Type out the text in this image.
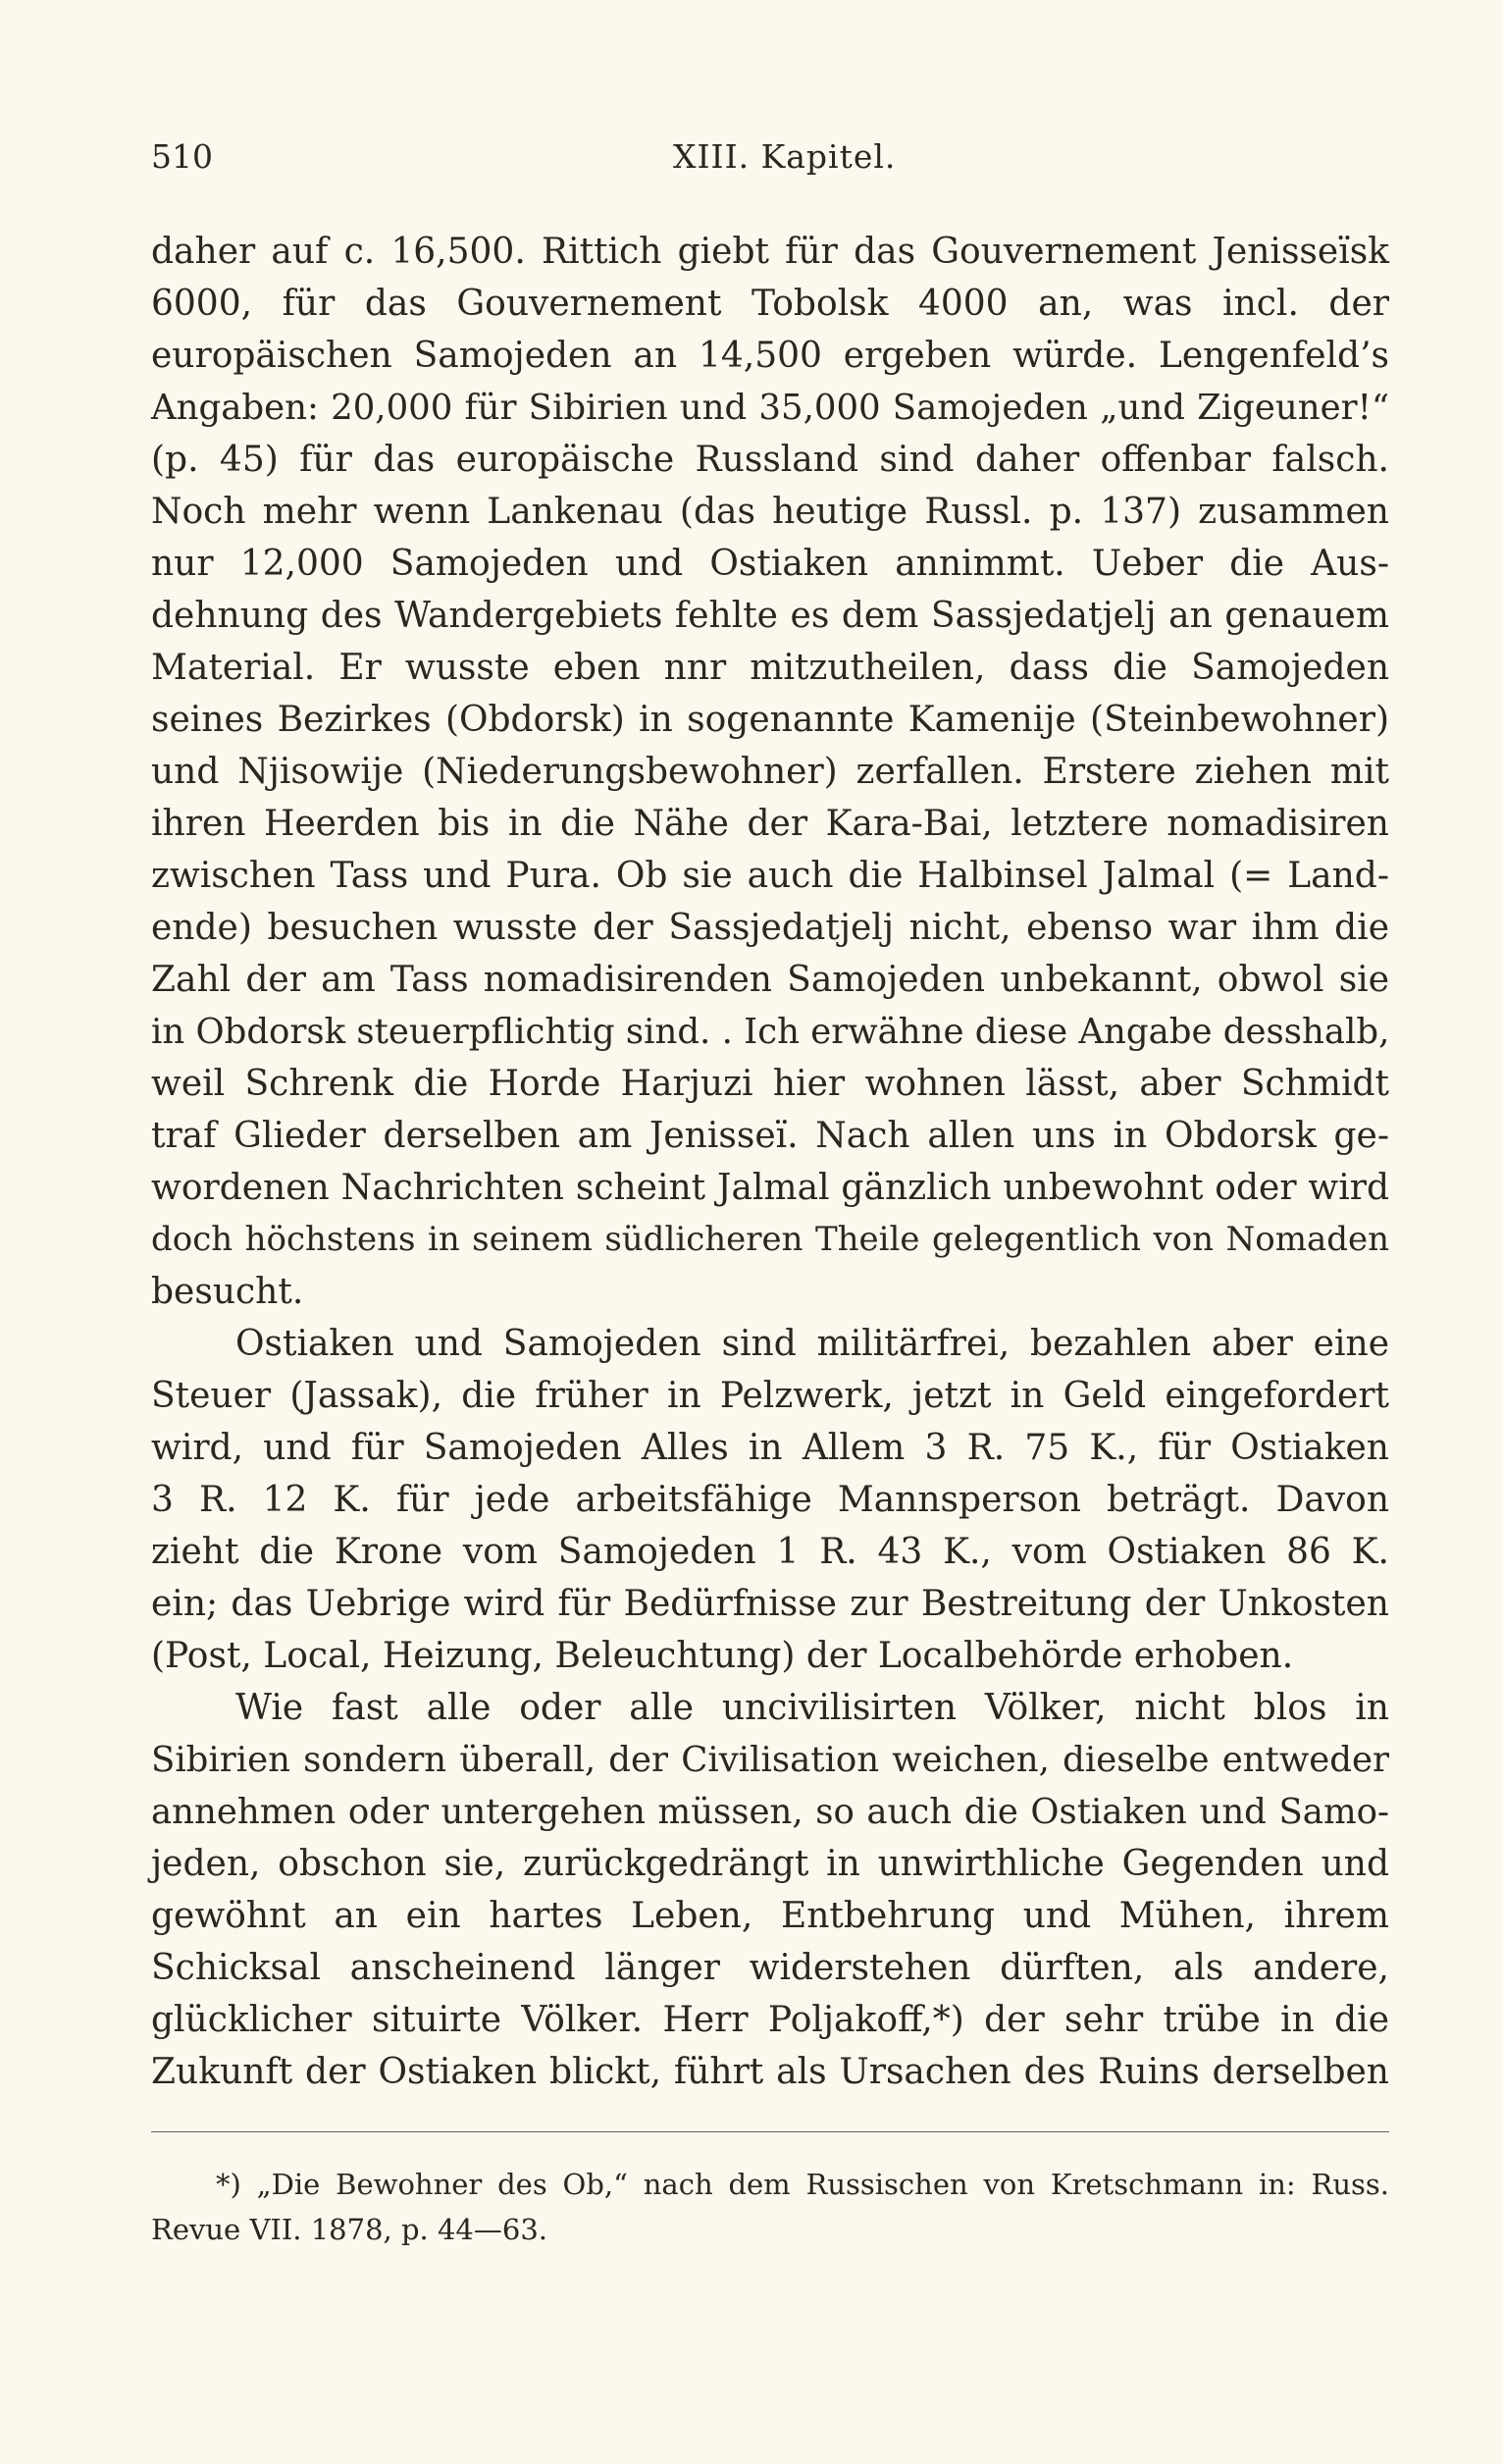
510	XIII. Kapitel.
daher auf c. 16,500. Rittich giebt für das Gouvernement Jenisseïsk
6000, für das Gouvernement Tobolsk 4000 an, was incl. der
europäischen Samojeden an 14,500 ergeben würde. Lengenfeld’s
Angaben: 20,000 für Sibirien und 35,000 Samojeden „und Zigeuner!“
(p. 45) für das europäische Russland sind daher offenbar falsch.
Noch mehr wenn Lankenau (das heutige Russl. p. 137) zusammen
nur 12,000 Samojeden und Ostiaken annimmt. Ueber die Aus-
dehnung des Wandergebiets fehlte es dem Sassjedatjelj an genauem
Material. Er wusste eben nnr mitzutheilen, dass die Samojeden
seines Bezirkes (Obdorsk) in sogenannte Kamenije (Steinbewohner)
und Njisowije (Niederungsbewohner) zerfallen. Erstere ziehen mit
ihren Heerden bis in die Nähe der Kara-Bai, letztere nomadisiren
zwischen Tass und Pura. Ob sie auch die Halbinsel Jalmal (= Land-
ende) besuchen wusste der Sassjedatjelj nicht, ebenso war ihm die
Zahl der am Tass nomadisirenden Samojeden unbekannt, obwol sie
in Obdorsk steuerpflichtig sind. . Ich erwähne diese Angabe desshalb,
weil Schrenk die Horde Harjuzi hier wohnen lässt, aber Schmidt
traf Glieder derselben am Jenisseï. Nach allen uns in Obdorsk ge-
wordenen Nachrichten scheint Jalmal gänzlich unbewohnt oder wird
doch höchstens in seinem südlicheren Theile gelegentlich von Nomaden
besucht.
Ostiaken und Samojeden sind militärfrei, bezahlen aber eine
Steuer (Jassak), die früher in Pelzwerk, jetzt in Geld eingefordert
wird, und für Samojeden Alles in Allem 3 R. 75 K., für Ostiaken
3 R. 12 K. für jede arbeitsfähige Mannsperson beträgt. Davon
zieht die Krone vom Samojeden 1 R. 43 K., vom Ostiaken 86 K.
ein; das Uebrige wird für Bedürfnisse zur Bestreitung der Unkosten
(Post, Local, Heizung, Beleuchtung) der Localbehörde erhoben.
Wie fast alle oder alle uncivilisirten Völker, nicht blos in
Sibirien sondern überall, der Civilisation weichen, dieselbe entweder
annehmen oder untergehen müssen, so auch die Ostiaken und Samo-
jeden, obschon sie, zurückgedrängt in unwirthliche Gegenden und
gewöhnt an ein hartes Leben, Entbehrung und Mühen, ihrem
Schicksal anscheinend länger widerstehen dürften, als andere,
glücklicher situirte Völker. Herr Poljakoff,*) der sehr trübe in die
Zukunft der Ostiaken blickt, führt als Ursachen des Ruins derselben
*) „Die Bewohner des Ob,“ nach dem Russischen von Kretschmann in: Russ.
Revue VII. 1878, p. 44—63.
